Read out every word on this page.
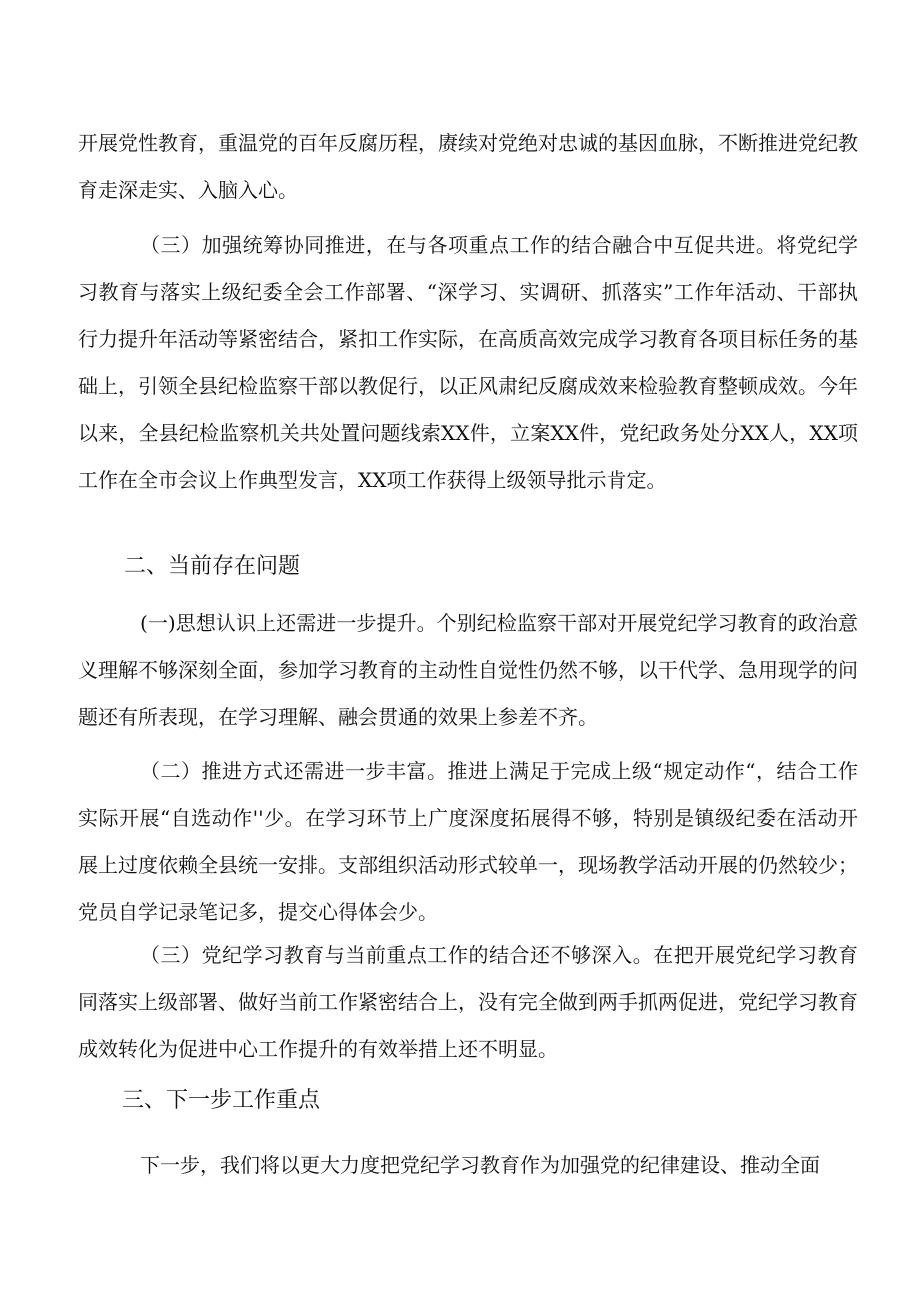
开展党性教育，重温党的百年反腐历程，赓续对党绝对忠诚的基因血脉，不断推进党纪教育走深走实、入脑入心。

（三）加强统筹协同推进，在与各项重点工作的结合融合中互促共进。将党纪学习教育与落实上级纪委全会工作部署、“深学习、实调研、抓落实”工作年活动、干部执行力提升年活动等紧密结合，紧扣工作实际，在高质高效完成学习教育各项目标任务的基础上，引领全县纪检监察干部以教促行，以正风肃纪反腐成效来检验教育整顿成效。今年以来，全县纪检监察机关共处置问题线索XX件，立案XX件，党纪政务处分XX人，XX项工作在全市会议上作典型发言，XX项工作获得上级领导批示肯定。

二、当前存在问题

(一)思想认识上还需进一步提升。个别纪检监察干部对开展党纪学习教育的政治意义理解不够深刻全面，参加学习教育的主动性自觉性仍然不够，以干代学、急用现学的问题还有所表现，在学习理解、融会贯通的效果上参差不齐。

（二）推进方式还需进一步丰富。推进上满足于完成上级“规定动作“，结合工作实际开展“自选动作''少。在学习环节上广度深度拓展得不够，特别是镇级纪委在活动开展上过度依赖全县统一安排。支部组织活动形式较单一，现场教学活动开展的仍然较少；党员自学记录笔记多，提交心得体会少。

（三）党纪学习教育与当前重点工作的结合还不够深入。在把开展党纪学习教育同落实上级部署、做好当前工作紧密结合上，没有完全做到两手抓两促进，党纪学习教育成效转化为促进中心工作提升的有效举措上还不明显。

三、下一步工作重点

下一步，我们将以更大力度把党纪学习教育作为加强党的纪律建设、推动全面
